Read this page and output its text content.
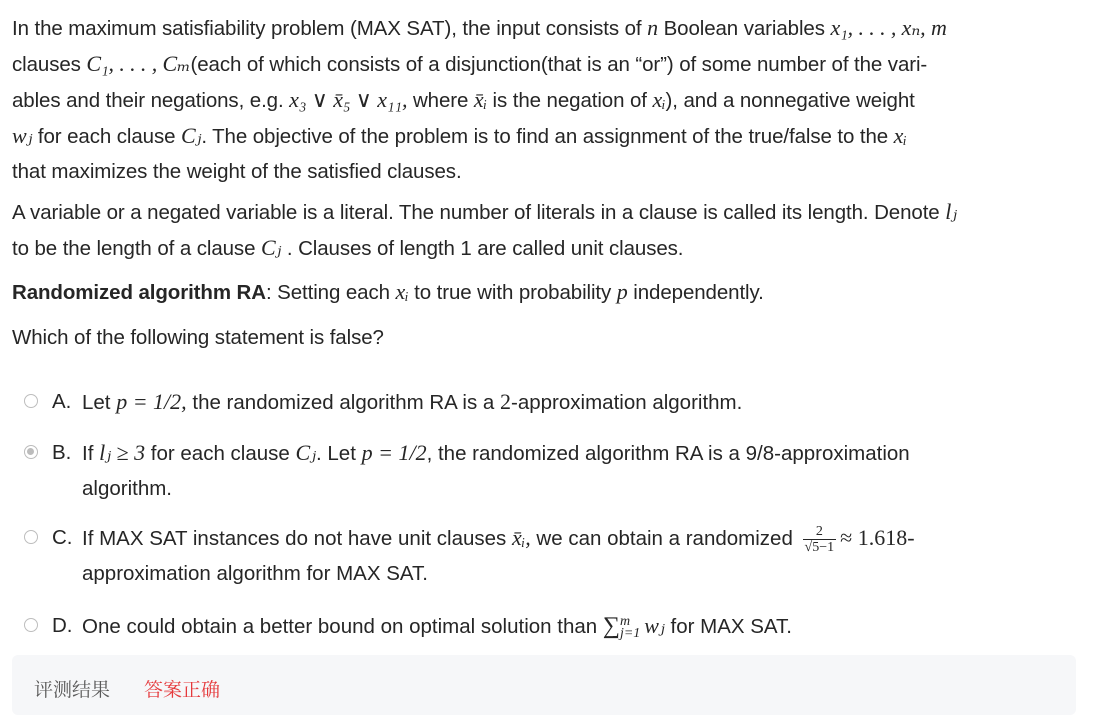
In the maximum satisfiability problem (MAX SAT), the input consists of n Boolean variables x₁, . . . , xₙ, m
clauses C₁, . . . , Cₘ(each of which consists of a disjunction(that is an “or”) of some number of the vari-
ables and their negations, e.g. x₃ ∨ x̄₅ ∨ x₁₁, where x̄ᵢ is the negation of xᵢ), and a nonnegative weight
wⱼ for each clause Cⱼ. The objective of the problem is to find an assignment of the true/false to the xᵢ
that maximizes the weight of the satisfied clauses.
A variable or a negated variable is a literal. The number of literals in a clause is called its length. Denote lⱼ
to be the length of a clause Cⱼ . Clauses of length 1 are called unit clauses.
Randomized algorithm RA: Setting each xᵢ to true with probability p independently.
Which of the following statement is false?
A. Let p = 1/2, the randomized algorithm RA is a 2-approximation algorithm.
B. If lⱼ ≥ 3 for each clause Cⱼ. Let p = 1/2, the randomized algorithm RA is a 9/8-approximation
algorithm.
C. If MAX SAT instances do not have unit clauses x̄ᵢ, we can obtain a randomized $\frac{2}{√5-1} \approx 1.618-$
approximation algorithm for MAX SAT.
D. One could obtain a better bound on optimal solution than ∑ m
j=1 wⱼ for MAX SAT.
评测结果 答案正确
